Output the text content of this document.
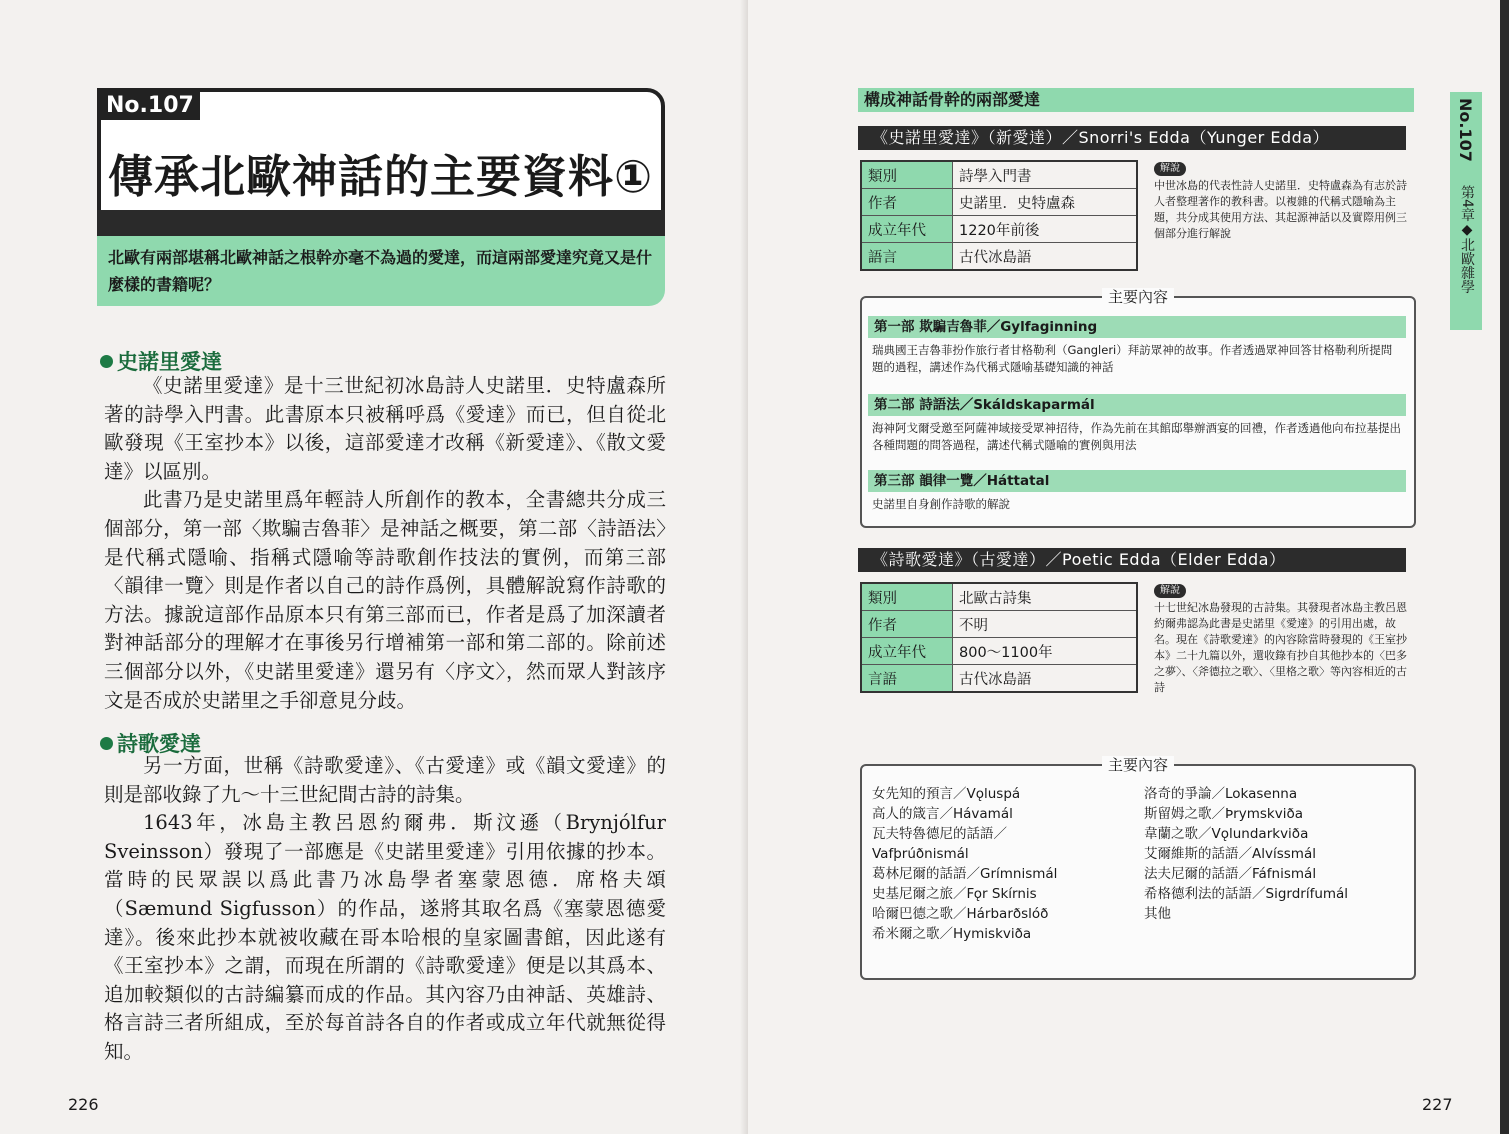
No.107
傳承北歐神話的主要資料①
北歐有兩部堪稱北歐神話之根幹亦毫不為過的愛達，而這兩部愛達究竟又是什麼樣的書籍呢？
史諾里愛達

《史諾里愛達》是十三世紀初冰島詩人史諾里．史特盧森所著的詩學入門書。此書原本只被稱呼爲《愛達》而已，但自從北歐發現《王室抄本》以後，這部愛達才改稱《新愛達》、《散文愛達》以區別。

此書乃是史諾里爲年輕詩人所創作的教本，全書總共分成三個部分，第一部〈欺騙吉魯菲〉是神話之概要，第二部〈詩語法〉是代稱式隱喻、指稱式隱喻等詩歌創作技法的實例，而第三部〈韻律一覽〉則是作者以自己的詩作爲例，具體解說寫作詩歌的方法。據說這部作品原本只有第三部而已，作者是爲了加深讀者對神話部分的理解才在事後另行增補第一部和第二部的。除前述三個部分以外，《史諾里愛達》還另有〈序文〉，然而眾人對該序文是否成於史諾里之手卻意見分歧。

詩歌愛達

另一方面，世稱《詩歌愛達》、《古愛達》或《韻文愛達》的則是部收錄了九～十三世紀間古詩的詩集。

1643年，冰島主教呂恩約爾弗．斯汶遜（Brynjólfur Sveinsson）發現了一部應是《史諾里愛達》引用依據的抄本。當時的民眾誤以爲此書乃冰島學者塞蒙恩德．席格夫頌（Sæmund Sigfusson）的作品，遂將其取名爲《塞蒙恩德愛達》。後來此抄本就被收藏在哥本哈根的皇家圖書館，因此遂有《王室抄本》之謂，而現在所謂的《詩歌愛達》便是以其爲本、追加較類似的古詩編纂而成的作品。其內容乃由神話、英雄詩、格言詩三者所組成，至於每首詩各自的作者或成立年代就無從得知。

226
構成神話骨幹的兩部愛達
《史諾里愛達》（新愛達）／Snorri's Edda（Yunger Edda）
類別	詩學入門書
作者	史諾里．史特盧森
成立年代	1220年前後
語言	古代冰島語
解說
中世冰島的代表性詩人史諾里．史特盧森為有志於詩人者整理著作的教科書。以複雜的代稱式隱喻為主題，共分成其使用方法、其起源神話以及實際用例三個部分進行解說
主要內容
第一部 欺騙吉魯菲／Gylfaginning
瑞典國王吉魯菲扮作旅行者甘格勒利（Gangleri）拜訪眾神的故事。作者透過眾神回答甘格勒利所提問題的過程，講述作為代稱式隱喻基礎知識的神話
第二部 詩語法／Skáldskaparmál
海神阿戈爾受邀至阿薩神域接受眾神招待，作為先前在其館邸舉辦酒宴的回禮，作者透過他向布拉基提出各種問題的問答過程，講述代稱式隱喻的實例與用法
第三部 韻律一覽／Háttatal
史諾里自身創作詩歌的解說
《詩歌愛達》（古愛達）／Poetic Edda（Elder Edda）
類別	北歐古詩集
作者	不明
成立年代	800～1100年
言語	古代冰島語
解說
十七世紀冰島發現的古詩集。其發現者冰島主教呂恩約爾弗認為此書是史諾里《愛達》的引用出處，故名。現在《詩歌愛達》的內容除當時發現的《王室抄本》二十九篇以外，還收錄有抄自其他抄本的〈巴多之夢〉、〈斧德拉之歌〉、〈里格之歌〉等內容相近的古詩
主要內容
女先知的預言／Vǫluspá
高人的箴言／Hávamál
瓦夫特魯德尼的話語／
Vafþrúðnismál
葛林尼爾的話語／Grímnismál
史基尼爾之旅／Fǫr Skírnis
哈爾巴德之歌／Hárbarðslóð
希米爾之歌／Hymiskviða
洛奇的爭論／Lokasenna
斯留姆之歌／Þrymskviða
韋蘭之歌／Vǫlundarkviða
艾爾維斯的話語／Alvíssmál
法夫尼爾的話語／Fáfnismál
希格德利法的話語／Sigrdrífumál
其他
No.107
第4章◆北歐雜學
227
